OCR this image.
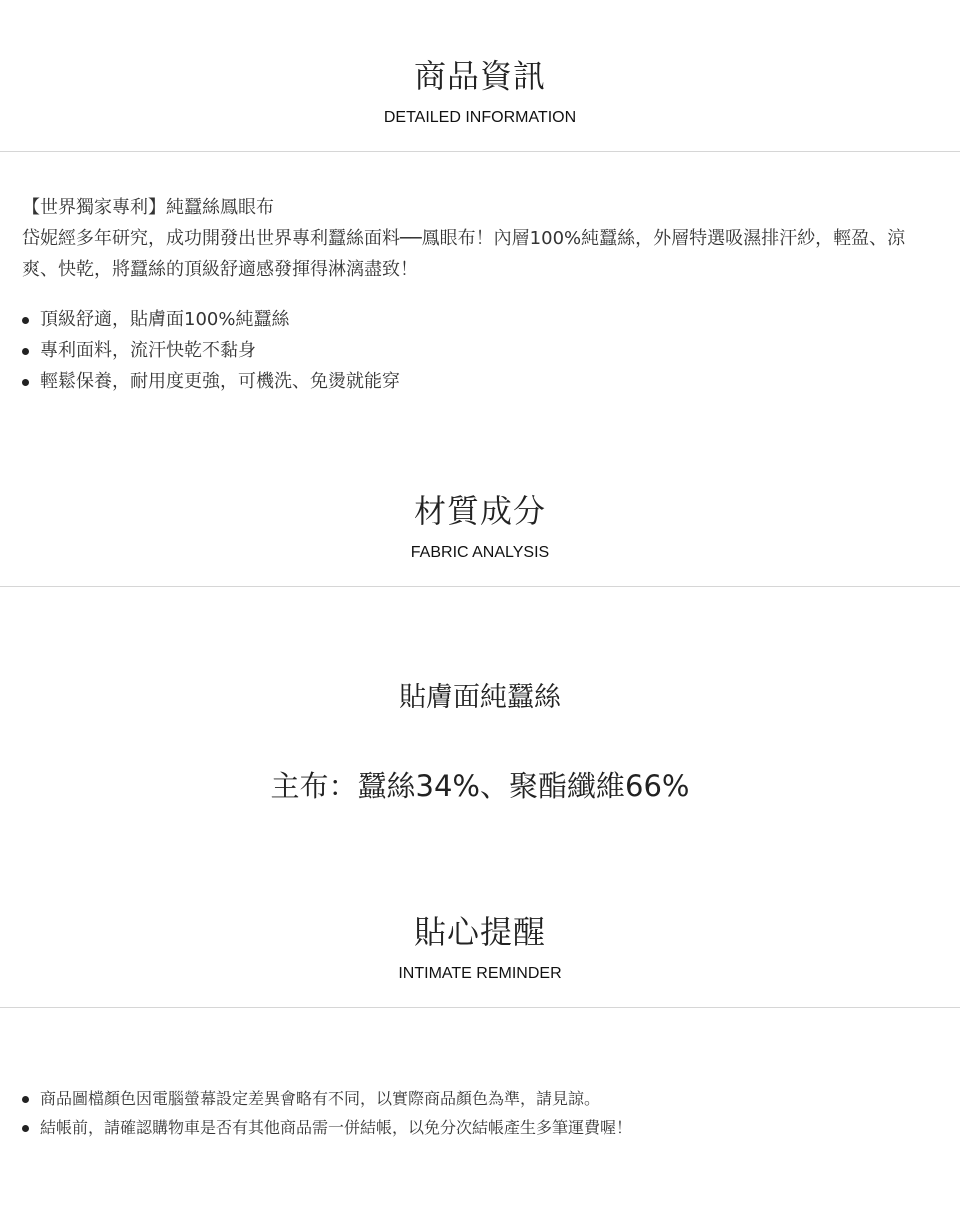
商品資訊
DETAILED INFORMATION

【世界獨家專利】純蠶絲鳳眼布

岱妮經多年研究，成功開發出世界專利蠶絲面料──鳳眼布！內層100%純蠶絲，外層特選吸濕排汗紗，輕盈、涼爽、快乾，將蠶絲的頂級舒適感發揮得淋漓盡致！

頂級舒適，貼膚面100%純蠶絲
專利面料，流汗快乾不黏身
輕鬆保養，耐用度更強，可機洗、免燙就能穿
材質成分
FABRIC ANALYSIS
貼膚面純蠶絲
主布：蠶絲34%、聚酯纖維66%
貼心提醒
INTIMATE REMINDER
商品圖檔顏色因電腦螢幕設定差異會略有不同，以實際商品顏色為準，請見諒。
結帳前，請確認購物車是否有其他商品需一併結帳，以免分次結帳產生多筆運費喔！
